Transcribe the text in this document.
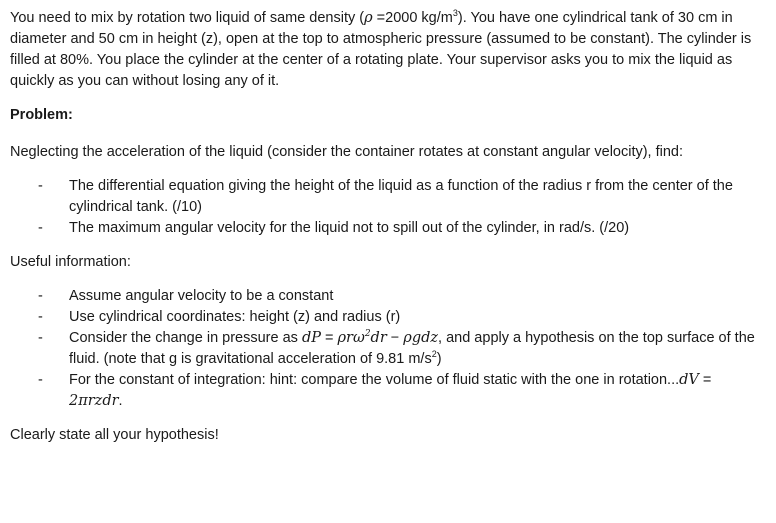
You need to mix by rotation two liquid of same density (ρ =2000 $kg/m^3$). You have one cylindrical tank of 30 cm in diameter and 50 cm in height (z), open at the top to atmospheric pressure (assumed to be constant). The cylinder is filled at 80%. You place the cylinder at the center of a rotating plate. Your supervisor asks you to mix the liquid as quickly as you can without losing any of it.

Problem:

Neglecting the acceleration of the liquid (consider the container rotates at constant angular velocity), find:

- The differential equation giving the height of the liquid as a function of the radius r from the center of the cylindrical tank. (/10)
- The maximum angular velocity for the liquid not to spill out of the cylinder, in rad/s. (/20)

Useful information:

- Assume angular velocity to be a constant
- Use cylindrical coordinates: height (z) and radius (r)
- Consider the change in pressure as dP = ρrω$^2$dr − ρgdz, and apply a hypothesis on the top surface of the fluid. (note that g is gravitational acceleration of 9.81 $m/s^2$)
- For the constant of integration: hint: compare the volume of fluid static with the one in rotation...dV = 2πrzdr.

Clearly state all your hypothesis!
